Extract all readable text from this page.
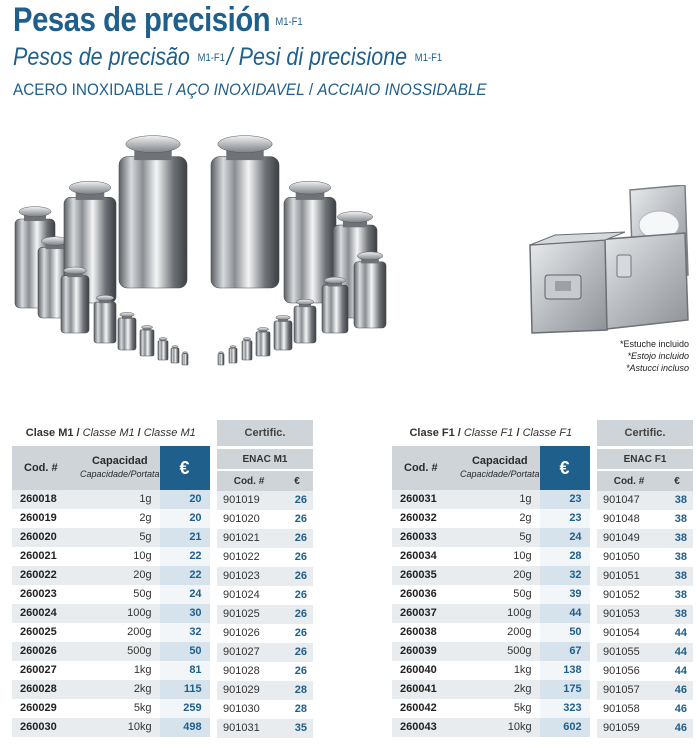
Pesas de precisión M1-F1
Pesos de precisão M1-F1/ Pesi di precisione M1-F1
ACERO INOXIDABLE / AÇO INOXIDAVEL / ACCIAIO INOSSIDABLE
*Estuche incluido
*Estojo incluido
*Astucci incluso
Clase M1 / Classe M1 / Classe M1		
Cod. #	Capacidad
Capacidade/Portata	€
260018	1g	20
260019	2g	20
260020	5g	21
260021	10g	22
260022	20g	22
260023	50g	24
260024	100g	30
260025	200g	32
260026	500g	50
260027	1kg	81
260028	2kg	115
260029	5kg	259
260030	10kg	498
Certific.	
ENAC M1	
Cod. #	€
901019	26
901020	26
901021	26
901022	26
901023	26
901024	26
901025	26
901026	26
901027	26
901028	26
901029	28
901030	28
901031	35
Clase F1 / Classe F1 / Classe F1		
Cod. #	Capacidad
Capacidade/Portata	€
260031	1g	23
260032	2g	23
260033	5g	24
260034	10g	28
260035	20g	32
260036	50g	39
260037	100g	44
260038	200g	50
260039	500g	67
260040	1kg	138
260041	2kg	175
260042	5kg	323
260043	10kg	602
Certific.	
ENAC F1	
Cod. #	€
901047	38
901048	38
901049	38
901050	38
901051	38
901052	38
901053	38
901054	44
901055	44
901056	44
901057	46
901058	46
901059	46
